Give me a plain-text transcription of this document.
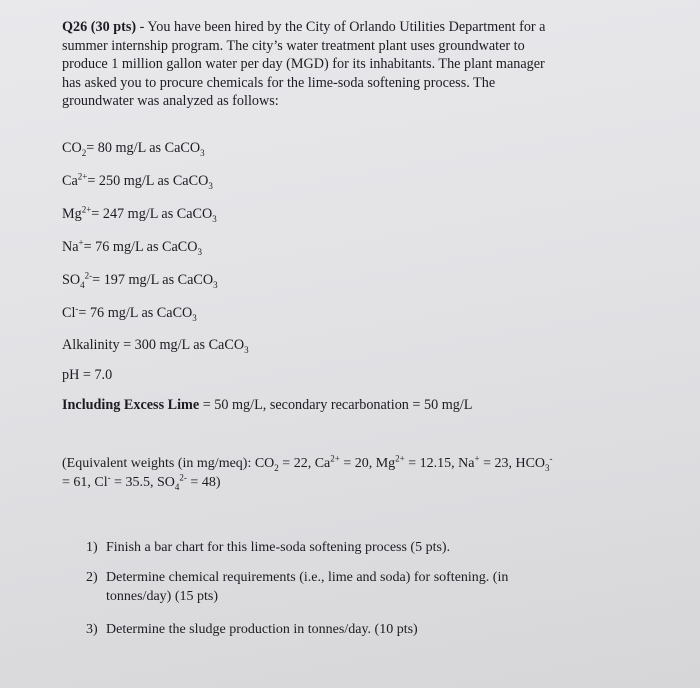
Q26 (30 pts) - You have been hired by the City of Orlando Utilities Department for a
summer internship program. The city’s water treatment plant uses groundwater to
produce 1 million gallon water per day (MGD) for its inhabitants. The plant manager
has asked you to procure chemicals for the lime-soda softening process. The
groundwater was analyzed as follows:
$CO_2= 80$ mg/L as CaCO$_3$
$Ca^{2+}= 250$ mg/L as CaCO$_3$
$Mg^{2+}= 247$ mg/L as CaCO$_3$
Na+= 76 mg/L as CaCO$_3$
$SO_4^{2-}= 197$ mg/L as CaCO$_3$
Cl-= 76 mg/L as CaCO$_3$
Alkalinity = 300 mg/L as CaCO$_3$
pH = 7.0
Including Excess Lime = 50 mg/L, secondary recarbonation = 50 mg/L
(Equivalent weights (in mg/meq): $CO_2 = 22$, $Ca^{2+} = 20$, $Mg^{2+} = 12.15$, Na+ = 23, $HCO_3^-$
= 61, Cl- = 35.5, $SO_4^{2-} = 48$)
1) Finish a bar chart for this lime-soda softening process (5 pts).
2) Determine chemical requirements (i.e., lime and soda) for softening. (in
tonnes/day) (15 pts)
3) Determine the sludge production in tonnes/day. (10 pts)
